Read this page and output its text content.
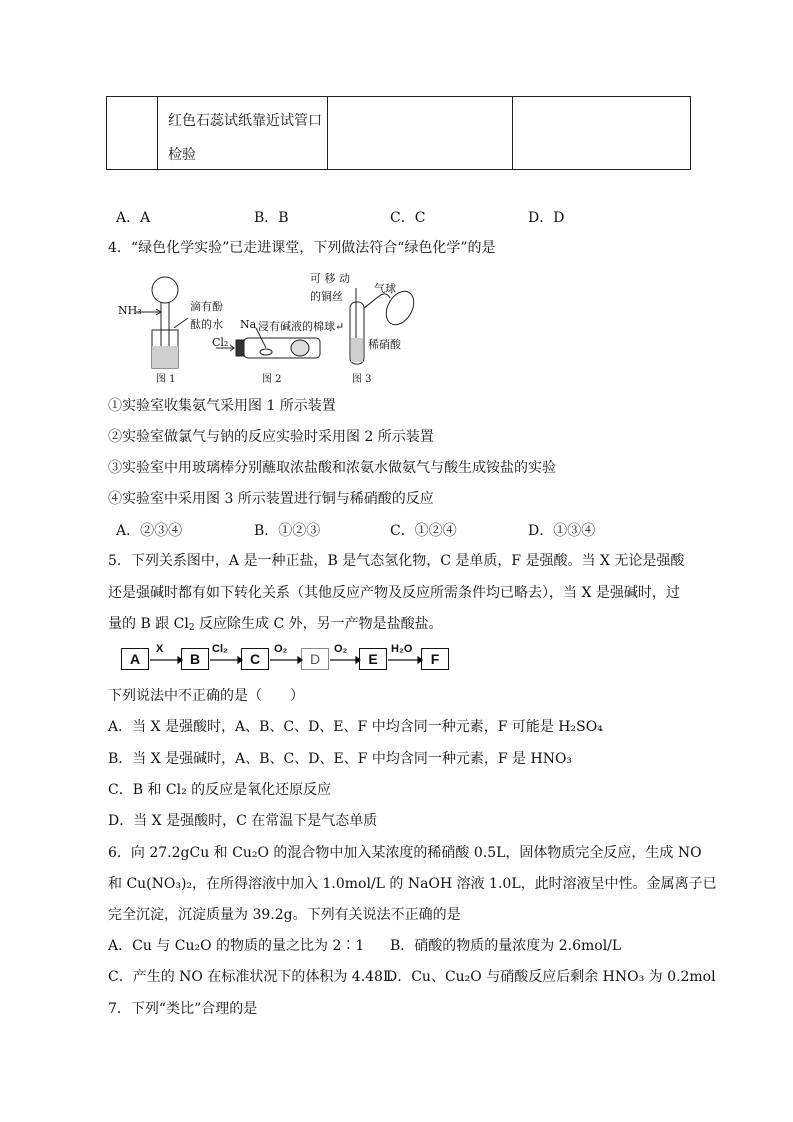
红色石蕊试纸靠近试管口
检验

A．A	B．B	C．C	D．D
4．“绿色化学实验”已走进课堂，下列做法符合“绿色化学”的是
NH₃	滴有酚
酞的水
图 1
Na 浸有碱液的棉球↵
Cl₂
图 2
可 移 动
的铜丝
气球
稀硝酸
图 3
①实验室收集氨气采用图 1 所示装置
②实验室做氯气与钠的反应实验时采用图 2 所示装置
③实验室中用玻璃棒分别蘸取浓盐酸和浓氨水做氨气与酸生成铵盐的实验
④实验室中采用图 3 所示装置进行铜与稀硝酸的反应
A．②③④	B．①②③	C．①②④	D．①③④
5．下列关系图中，A 是一种正盐，B 是气态氢化物，C 是单质，F 是强酸。当 X 无论是强酸
还是强碱时都有如下转化关系（其他反应产物及反应所需条件均已略去），当 X 是强碱时，过
量的 B 跟 $Cl_2$ 反应除生成 C 外，另一产物是盐酸盐。
A	B	C	D	E	F
X	Cl₂	O₂	O₂	H₂O
下列说法中不正确的是（　　）
A．当 X 是强酸时，A、B、C、D、E、F 中均含同一种元素，F 可能是 H₂SO₄
B．当 X 是强碱时，A、B、C、D、E、F 中均含同一种元素，F 是 HNO₃
C．B 和 Cl₂ 的反应是氧化还原反应
D．当 X 是强酸时，C 在常温下是气态单质
6．向 27.2gCu 和 Cu₂O 的混合物中加入某浓度的稀硝酸 0.5L，固体物质完全反应，生成 NO
和 Cu(NO₃)₂，在所得溶液中加入 1.0mol/L 的 NaOH 溶液 1.0L，此时溶液呈中性。金属离子已
完全沉淀，沉淀质量为 39.2g。下列有关说法不正确的是
A．Cu 与 Cu₂O 的物质的量之比为 2∶1 B．硝酸的物质的量浓度为 2.6mol/L
C．产生的 NO 在标准状况下的体积为 4.48L
D．Cu、Cu₂O 与硝酸反应后剩余 HNO₃ 为 0.2mol
7．下列“类比”合理的是
